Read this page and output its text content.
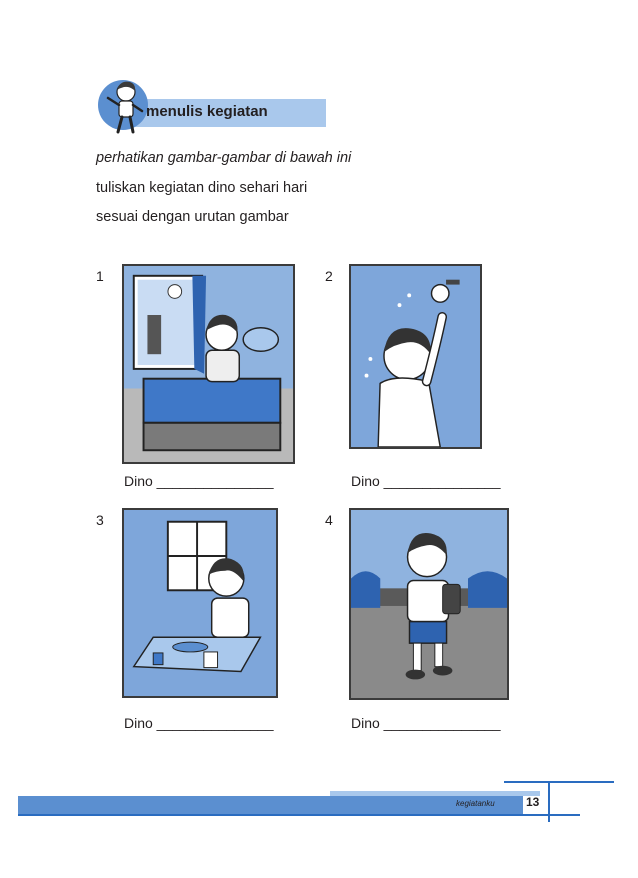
menulis kegiatan
perhatikan gambar-gambar di bawah ini
tuliskan kegiatan dino sehari hari
sesuai dengan urutan gambar
1
Dino _______________
2
Dino _______________
3
Dino _______________
4
Dino _______________
kegiatanku	13
